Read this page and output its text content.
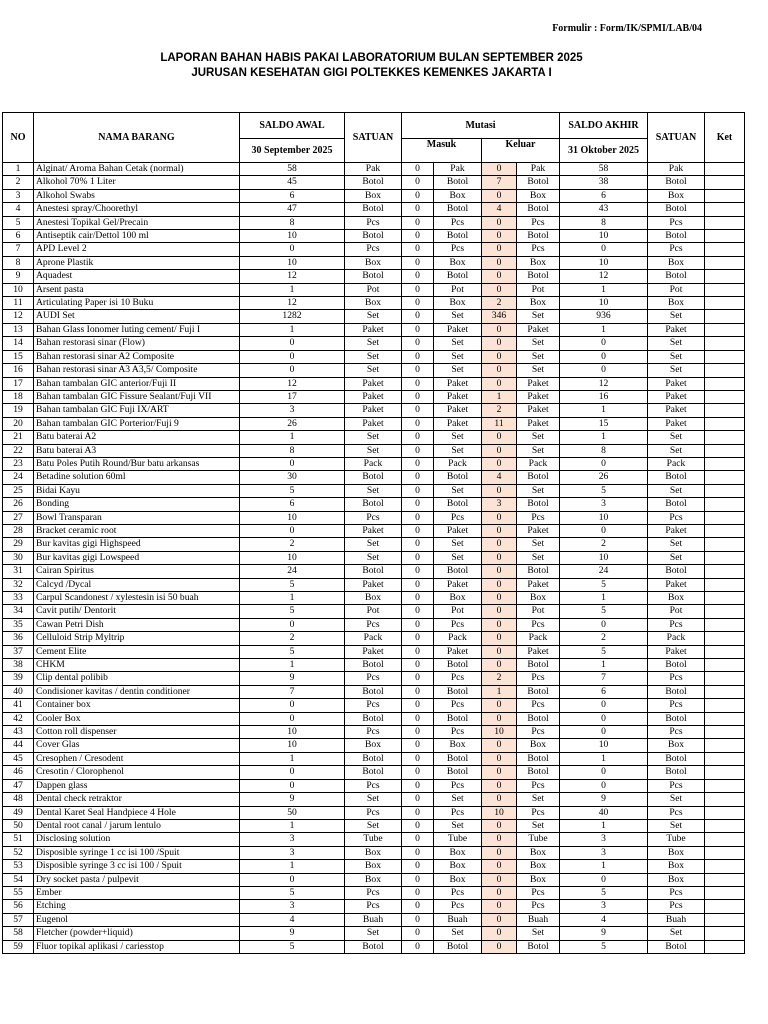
Formulir : Form/IK/SPMI/LAB/04
LAPORAN BAHAN HABIS PAKAI LABORATORIUM BULAN SEPTEMBER 2025
JURUSAN KESEHATAN GIGI POLTEKKES KEMENKES JAKARTA I
NO	NAMA BARANG	SALDO AWAL	SATUAN	Mutasi				SALDO AKHIR	SATUAN	Ket
		30 September 2025		Masuk		Keluar		31 Oktober 2025		
1	Alginat/ Aroma Bahan Cetak (normal)	58	Pak	0	Pak	0	Pak	58	Pak	
2	Alkohol 70% 1 Liter	45	Botol	0	Botol	7	Botol	38	Botol	
3	Alkohol Swabs	6	Box	0	Box	0	Box	6	Box	
4	Anestesi spray/Choorethyl	47	Botol	0	Botol	4	Botol	43	Botol	
5	Anestesi Topikal Gel/Precain	8	Pcs	0	Pcs	0	Pcs	8	Pcs	
6	Antiseptik cair/Dettol 100 ml	10	Botol	0	Botol	0	Botol	10	Botol	
7	APD Level 2	0	Pcs	0	Pcs	0	Pcs	0	Pcs	
8	Aprone Plastik	10	Box	0	Box	0	Box	10	Box	
9	Aquadest	12	Botol	0	Botol	0	Botol	12	Botol	
10	Arsent pasta	1	Pot	0	Pot	0	Pot	1	Pot	
11	Articulating Paper isi 10 Buku	12	Box	0	Box	2	Box	10	Box	
12	AUDI Set	1282	Set	0	Set	346	Set	936	Set	
13	Bahan Glass Ionomer luting cement/ Fuji I	1	Paket	0	Paket	0	Paket	1	Paket	
14	Bahan restorasi sinar (Flow)	0	Set	0	Set	0	Set	0	Set	
15	Bahan restorasi sinar A2 Composite	0	Set	0	Set	0	Set	0	Set	
16	Bahan restorasi sinar A3 A3,5/ Composite	0	Set	0	Set	0	Set	0	Set	
17	Bahan tambalan GIC anterior/Fuji II	12	Paket	0	Paket	0	Paket	12	Paket	
18	Bahan tambalan GIC Fissure Sealant/Fuji VII	17	Paket	0	Paket	1	Paket	16	Paket	
19	Bahan tambalan GIC Fuji IX/ART	3	Paket	0	Paket	2	Paket	1	Paket	
20	Bahan tambalan GIC Porterior/Fuji 9	26	Paket	0	Paket	11	Paket	15	Paket	
21	Batu baterai A2	1	Set	0	Set	0	Set	1	Set	
22	Batu baterai A3	8	Set	0	Set	0	Set	8	Set	
23	Batu Poles Putih Round/Bur batu arkansas	0	Pack	0	Pack	0	Pack	0	Pack	
24	Betadine solution 60ml	30	Botol	0	Botol	4	Botol	26	Botol	
25	Bidai Kayu	5	Set	0	Set	0	Set	5	Set	
26	Bonding	6	Botol	0	Botol	3	Botol	3	Botol	
27	Bowl Transparan	10	Pcs	0	Pcs	0	Pcs	10	Pcs	
28	Bracket ceramic root	0	Paket	0	Paket	0	Paket	0	Paket	
29	Bur kavitas gigi Highspeed	2	Set	0	Set	0	Set	2	Set	
30	Bur kavitas gigi Lowspeed	10	Set	0	Set	0	Set	10	Set	
31	Cairan Spiritus	24	Botol	0	Botol	0	Botol	24	Botol	
32	Calcyd /Dycal	5	Paket	0	Paket	0	Paket	5	Paket	
33	Carpul Scandonest / xylestesin isi 50 buah	1	Box	0	Box	0	Box	1	Box	
34	Cavit putih/ Dentorit	5	Pot	0	Pot	0	Pot	5	Pot	
35	Cawan Petri Dish	0	Pcs	0	Pcs	0	Pcs	0	Pcs	
36	Celluloid Strip Myltrip	2	Pack	0	Pack	0	Pack	2	Pack	
37	Cement Elite	5	Paket	0	Paket	0	Paket	5	Paket	
38	CHKM	1	Botol	0	Botol	0	Botol	1	Botol	
39	Clip dental polibib	9	Pcs	0	Pcs	2	Pcs	7	Pcs	
40	Condisioner kavitas / dentin conditioner	7	Botol	0	Botol	1	Botol	6	Botol	
41	Container box	0	Pcs	0	Pcs	0	Pcs	0	Pcs	
42	Cooler Box	0	Botol	0	Botol	0	Botol	0	Botol	
43	Cotton roll dispenser	10	Pcs	0	Pcs	10	Pcs	0	Pcs	
44	Cover Glas	10	Box	0	Box	0	Box	10	Box	
45	Cresophen / Cresodent	1	Botol	0	Botol	0	Botol	1	Botol	
46	Cresotin / Clorophenol	0	Botol	0	Botol	0	Botol	0	Botol	
47	Dappen glass	0	Pcs	0	Pcs	0	Pcs	0	Pcs	
48	Dental check retraktor	9	Set	0	Set	0	Set	9	Set	
49	Dental Karet Seal Handpiece 4 Hole	50	Pcs	0	Pcs	10	Pcs	40	Pcs	
50	Dental root canal / jarum lentulo	1	Set	0	Set	0	Set	1	Set	
51	Disclosing solution	3	Tube	0	Tube	0	Tube	3	Tube	
52	Disposible syringe 1 cc isi 100 /Spuit	3	Box	0	Box	0	Box	3	Box	
53	Disposible syringe 3 cc isi 100 / Spuit	1	Box	0	Box	0	Box	1	Box	
54	Dry socket pasta / pulpevit	0	Box	0	Box	0	Box	0	Box	
55	Ember	5	Pcs	0	Pcs	0	Pcs	5	Pcs	
56	Etching	3	Pcs	0	Pcs	0	Pcs	3	Pcs	
57	Eugenol	4	Buah	0	Buah	0	Buah	4	Buah	
58	Fletcher (powder+liquid)	9	Set	0	Set	0	Set	9	Set	
59	Fluor topikal aplikasi / cariesstop	5	Botol	0	Botol	0	Botol	5	Botol	
